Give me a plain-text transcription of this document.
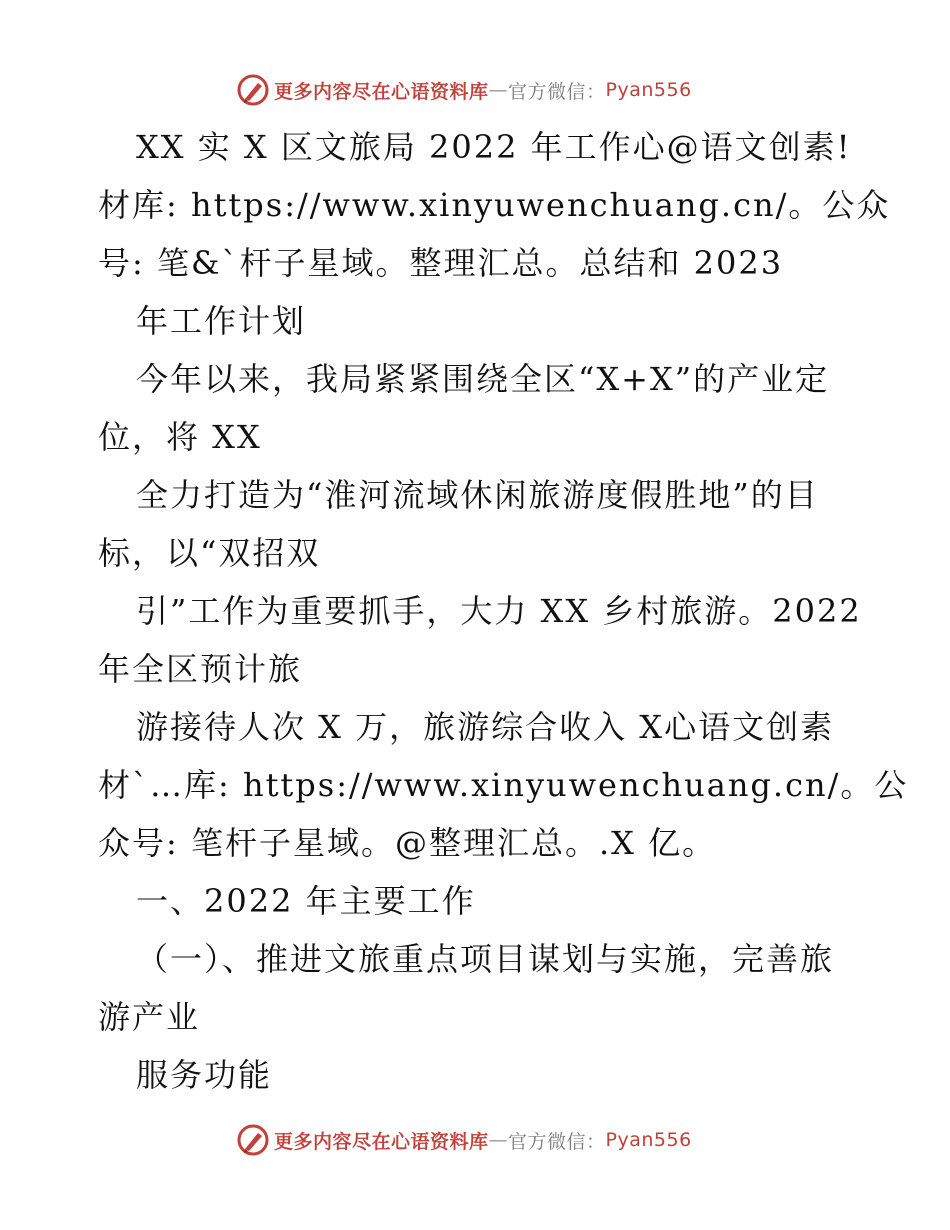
更多内容尽在心语资料库 — 官方微信： Pyan556
XX 实 X 区文旅局 2022 年工作心@语文创素!
材库: https://www.xinyuwenchuang.cn/。公众
号: 笔&`杆子星域。整理汇总。总结和 2023
年工作计划
今年以来，我局紧紧围绕全区“X+X”的产业定
位，将 XX
全力打造为“淮河流域休闲旅游度假胜地”的目
标，以“双招双
引”工作为重要抓手，大力 XX 乡村旅游。2022
年全区预计旅
游接待人次 X 万，旅游综合收入 X心语文创素
材`…库: https://www.xinyuwenchuang.cn/。公
众号: 笔杆子星域。@整理汇总。.X 亿。
一、2022 年主要工作
（一）、推进文旅重点项目谋划与实施，完善旅
游产业
服务功能
更多内容尽在心语资料库 — 官方微信： Pyan556
